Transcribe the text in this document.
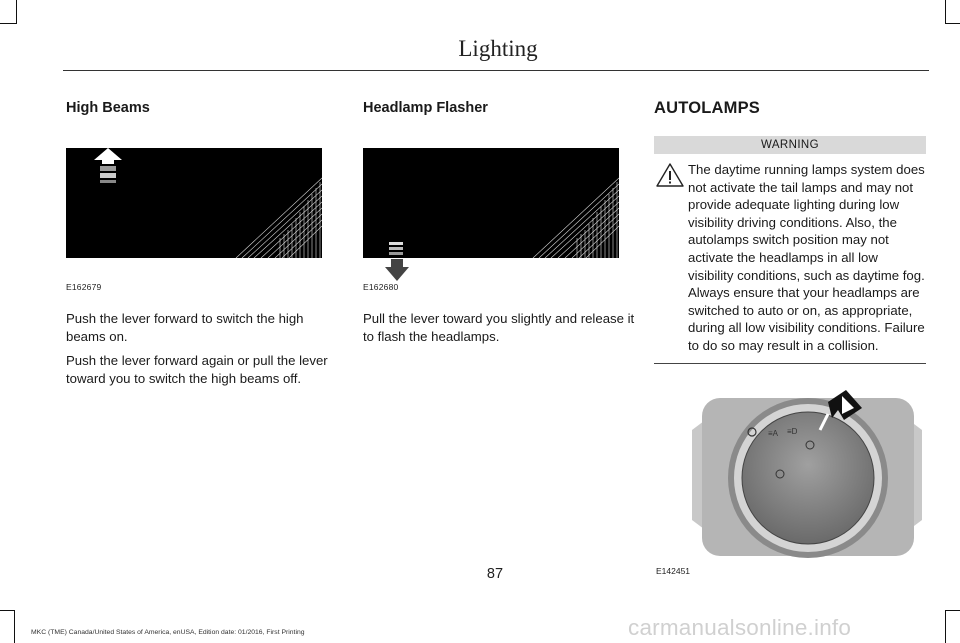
Lighting
High Beams
E162679

Push the lever forward to switch the high beams on.

Push the lever forward again or pull the lever toward you to switch the high beams off.

Headlamp Flasher
E162680

Pull the lever toward you slightly and release it to flash the headlamps.

AUTOLAMPS
WARNING

The daytime running lamps system does not activate the tail lamps and may not provide adequate lighting during low visibility driving conditions. Also, the autolamps switch position may not activate the headlamps in all low visibility conditions, such as daytime fog. Always ensure that your headlamps are switched to auto or on, as appropriate, during all low visibility conditions. Failure to do so may result in a collision.

≡A ≡D
E142451
87
MKC (TME) Canada/United States of America, enUSA, Edition date: 01/2016, First Printing	carmanualsonline.info
